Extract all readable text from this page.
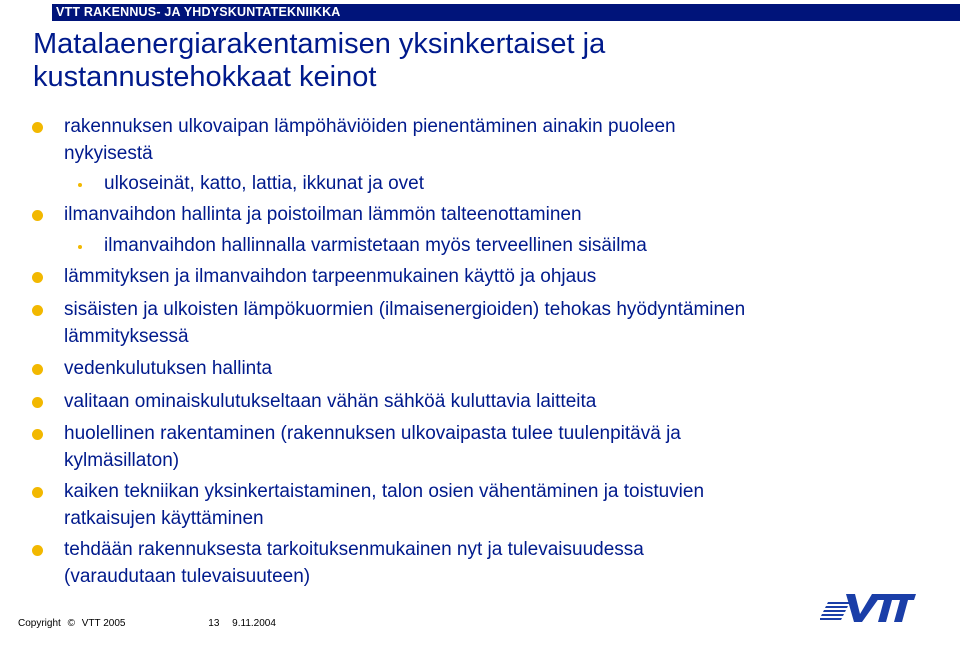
VTT RAKENNUS- JA YHDYSKUNTATEKNIIKKA
Matalaenergiarakentamisen yksinkertaiset ja
kustannustehokkaat keinot
rakennuksen ulkovaipan lämpöhäviöiden pienentäminen ainakin puoleen
nykyisestä
ulkoseinät, katto, lattia, ikkunat ja ovet
ilmanvaihdon hallinta ja poistoilman lämmön talteenottaminen
ilmanvaihdon hallinnalla varmistetaan myös terveellinen sisäilma
lämmityksen ja ilmanvaihdon tarpeenmukainen käyttö ja ohjaus
sisäisten ja ulkoisten lämpökuormien (ilmaisenergioiden) tehokas hyödyntäminen
lämmityksessä
vedenkulutuksen hallinta
valitaan ominaiskulutukseltaan vähän sähköä kuluttavia laitteita
huolellinen rakentaminen (rakennuksen ulkovaipasta tulee tuulenpitävä ja
kylmäsillaton)
kaiken tekniikan yksinkertaistaminen, talon osien vähentäminen ja toistuvien
ratkaisujen käyttäminen
tehdään rakennuksesta tarkoituksenmukainen nyt ja tulevaisuudessa
(varaudutaan tulevaisuuteen)
Copyright © VTT 2005	13 9.11.2004
